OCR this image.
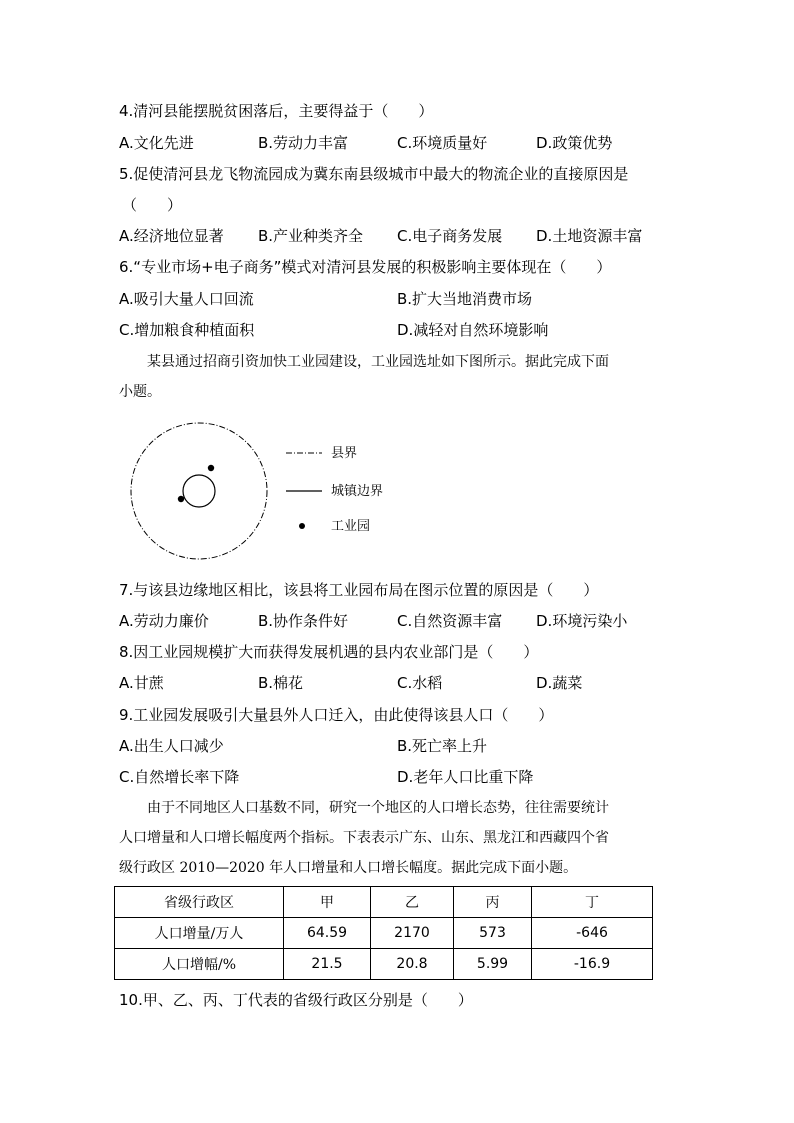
4.清河县能摆脱贫困落后，主要得益于（　　）
A.文化先进	B.劳动力丰富	C.环境质量好	D.政策优势
5.促使清河县龙飞物流园成为冀东南县级城市中最大的物流企业的直接原因是
（　　）
A.经济地位显著 B.产业种类齐全 C.电子商务发展 D.土地资源丰富
6.“专业市场+电子商务”模式对清河县发展的积极影响主要体现在（　　）
A.吸引大量人口回流	B.扩大当地消费市场
C.增加粮食种植面积	D.减轻对自然环境影响
某县通过招商引资加快工业园建设，工业园选址如下图所示。据此完成下面
小题。
县界
城镇边界
工业园
7.与该县边缘地区相比，该县将工业园布局在图示位置的原因是（　　）
A.劳动力廉价	B.协作条件好	C.自然资源丰富 D.环境污染小
8.因工业园规模扩大而获得发展机遇的县内农业部门是（　　）
A.甘蔗	B.棉花	C.水稻	D.蔬菜
9.工业园发展吸引大量县外人口迁入，由此使得该县人口（　　）
A.出生人口减少	B.死亡率上升
C.自然增长率下降	D.老年人口比重下降
由于不同地区人口基数不同，研究一个地区的人口增长态势，往往需要统计
人口增量和人口增长幅度两个指标。下表表示广东、山东、黑龙江和西藏四个省
级行政区 2010—2020 年人口增量和人口增长幅度。据此完成下面小题。
省级行政区	甲	乙	丙	丁
人口增量/万人	64.59	2170	573	-646
人口增幅/%	21.5	20.8	5.99	-16.9
10.甲、乙、丙、丁代表的省级行政区分别是（　　）
